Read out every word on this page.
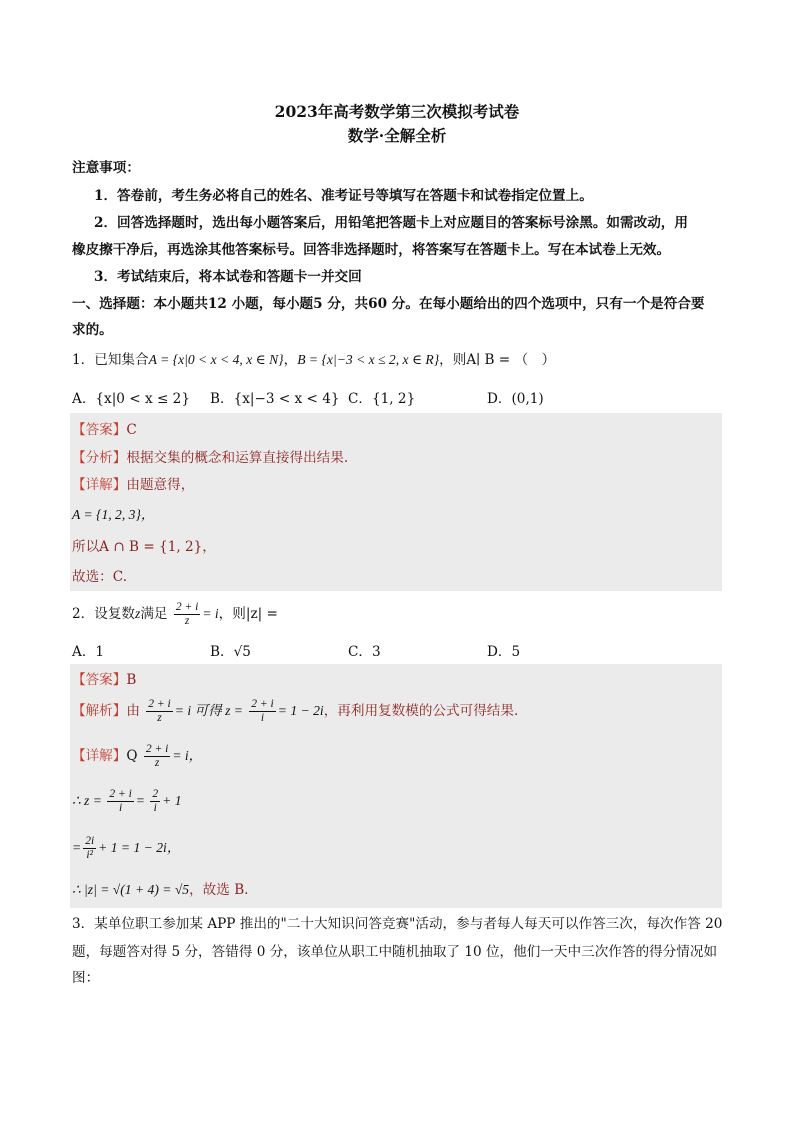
2023年高考数学第三次模拟考试卷
数学·全解全析
注意事项：
1．答卷前，考生务必将自己的姓名、准考证号等填写在答题卡和试卷指定位置上。
2．回答选择题时，选出每小题答案后，用铅笔把答题卡上对应题目的答案标号涂黑。如需改动，用
橡皮擦干净后，再选涂其他答案标号。回答非选择题时，将答案写在答题卡上。写在本试卷上无效。
3．考试结束后，将本试卷和答题卡一并交回
一、选择题：本小题共12 小题，每小题5 分，共60 分。在每小题给出的四个选项中，只有一个是符合要
求的。
1．已知集合A = {x|0 < x < 4, x ∈ N}，B = {x|−3 < x ≤ 2, x ∈ R}，则A∣ B = （　）
A．{x|0 < x ≤ 2} B．{x|−3 < x < 4} C．{1, 2}	D．(0,1)
【答案】C
【分析】根据交集的概念和运算直接得出结果.
【详解】由题意得，
A = {1, 2, 3}，
所以A ∩ B = {1, 2}，
故选：C.
2．设复数z满足 $\frac{2 + i}{z} = i$，则|z| =
A．1	B．√5	C．3	D．5
【答案】B
【解析】由 $\frac{2 + i}{z} = i$ 可得 $z = \frac{2 + i}{i} = 1 - 2i$，再利用复数模的公式可得结果.
【详解】Q $\frac{2 + i}{z} = i$，
∴ $z = \frac{2 + i}{i} = \frac{2}{i} + 1$
= $\frac{2i}{\text{i²}} + 1 = 1 - 2i$，
∴ |z| = √(1 + 4) = √5，故选 B.
3．某单位职工参加某 APP 推出的"二十大知识问答竞赛"活动，参与者每人每天可以作答三次，每次作答 20
题，每题答对得 5 分，答错得 0 分，该单位从职工中随机抽取了 10 位，他们一天中三次作答的得分情况如
图：
